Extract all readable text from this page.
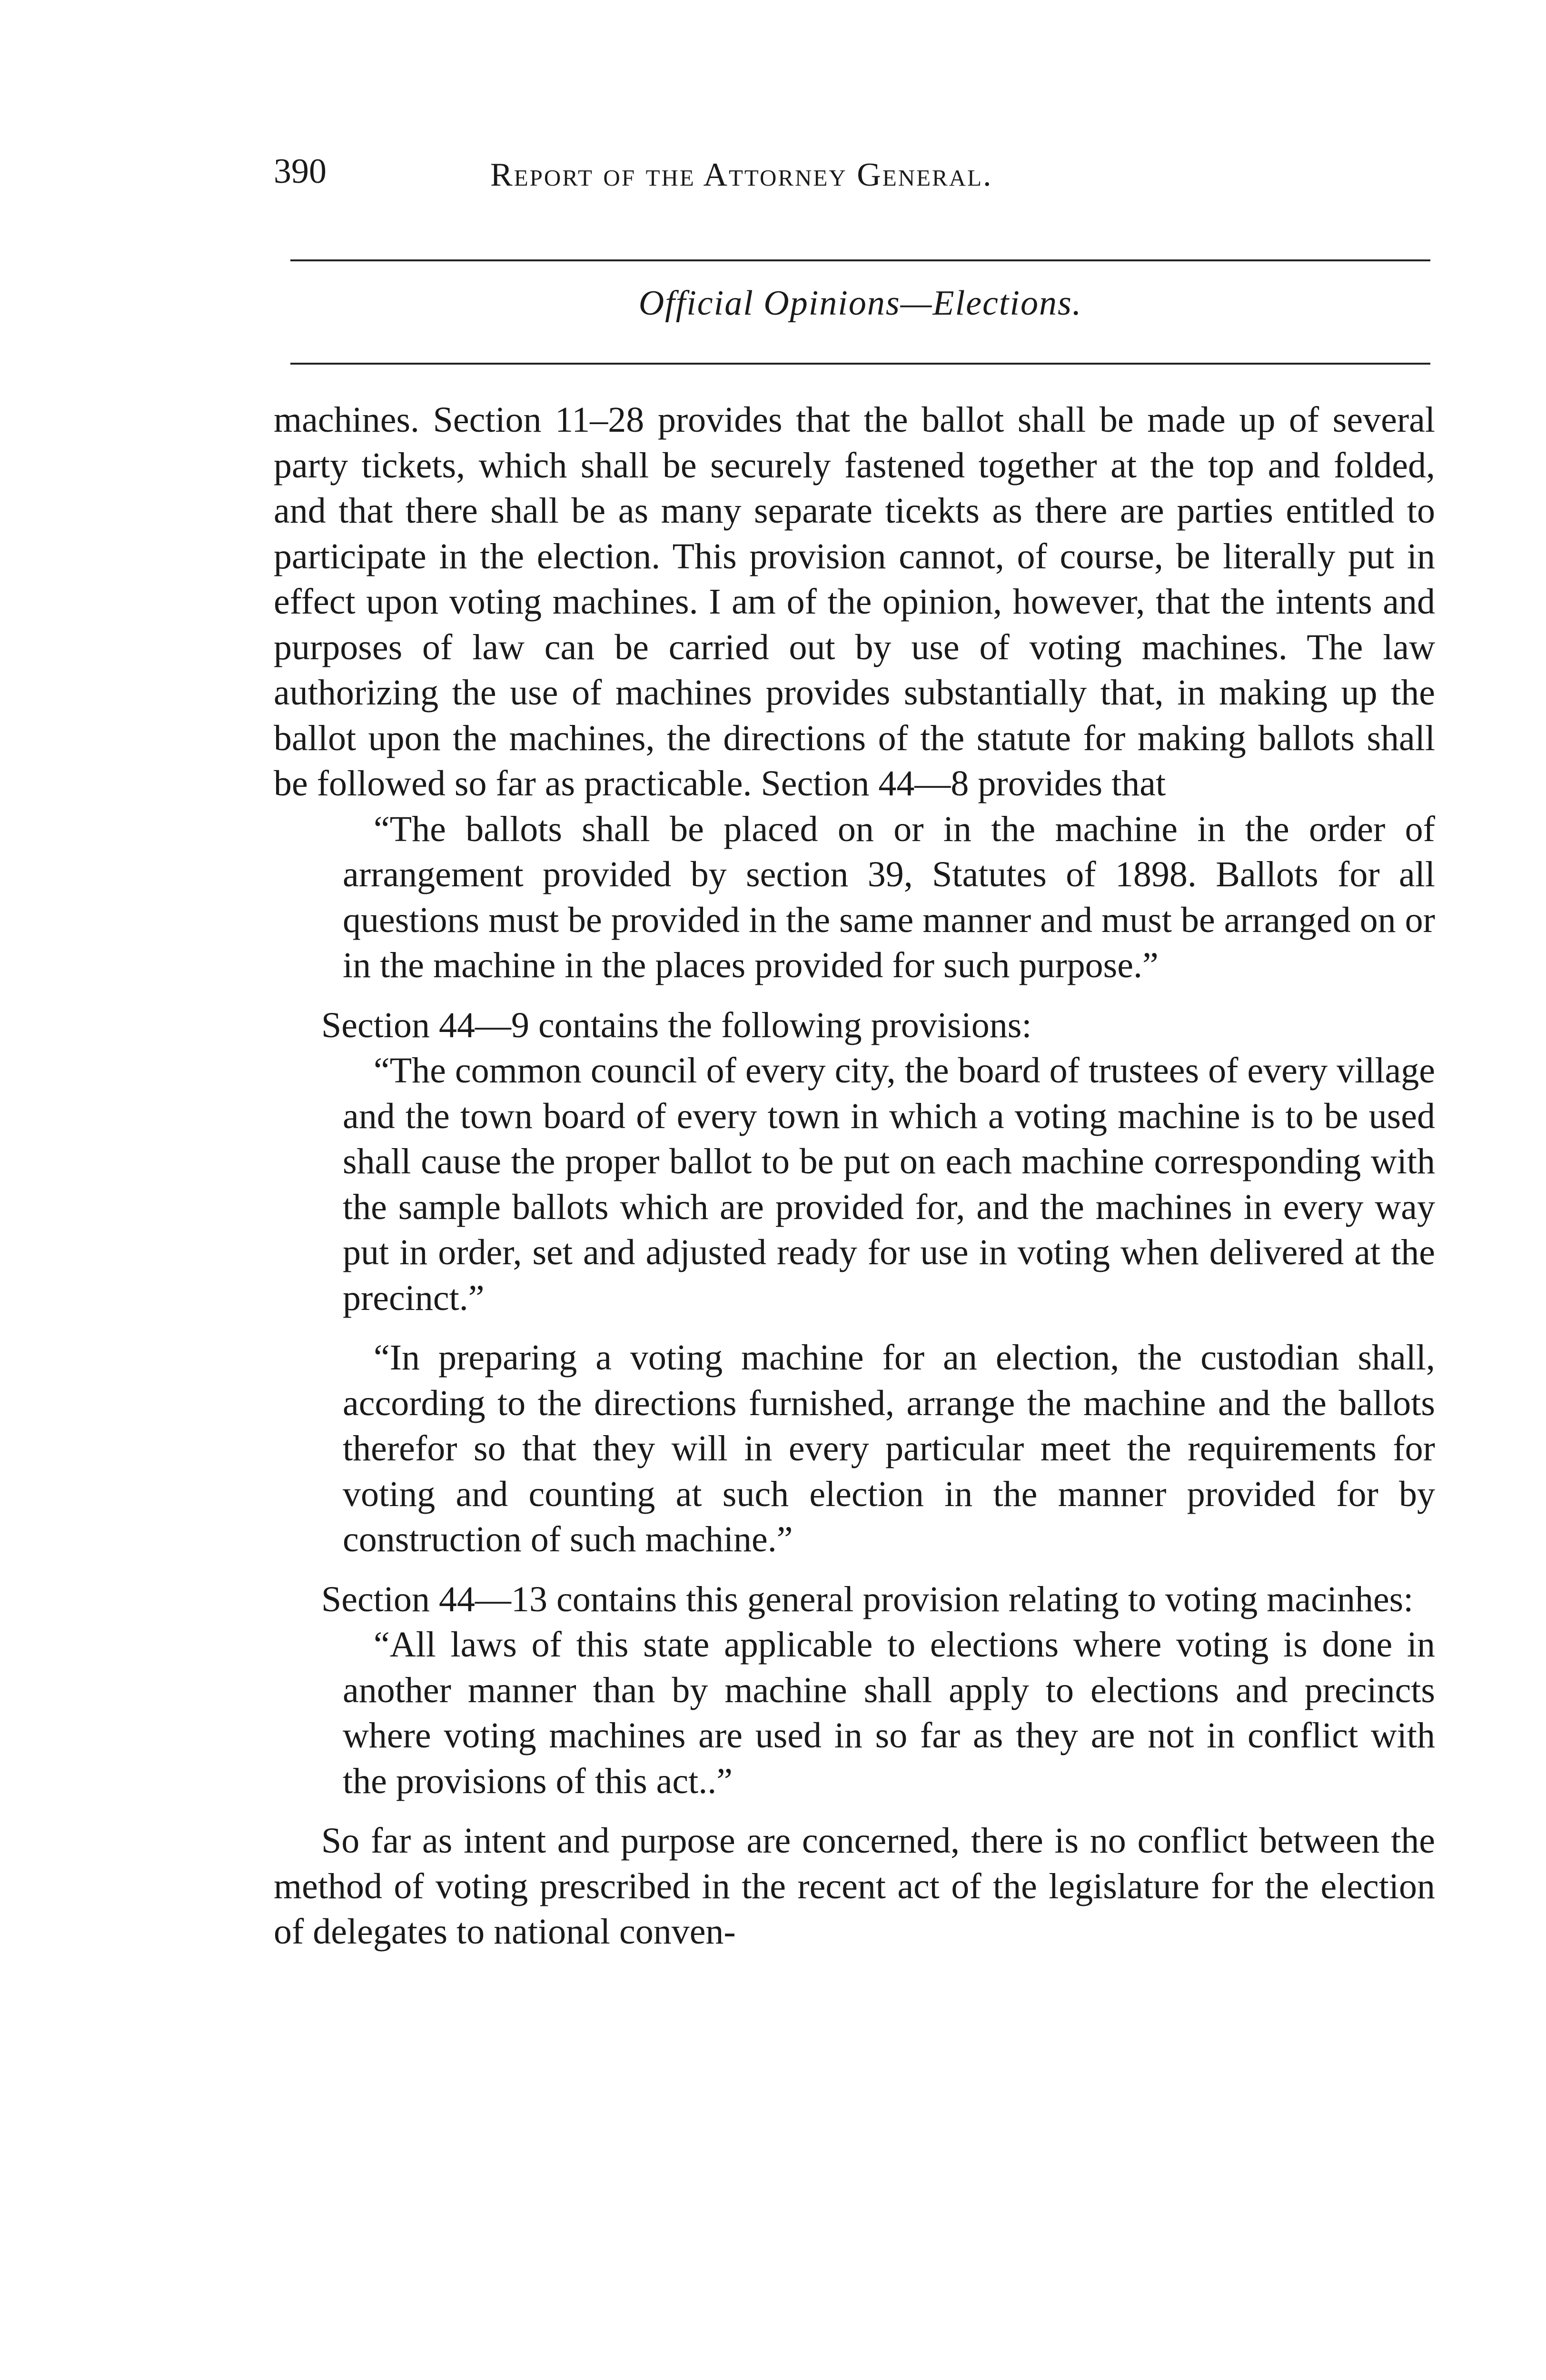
390	Report of the Attorney General.
Official Opinions—Elections.

machines. Section 11–28 provides that the ballot shall be made up of several party tickets, which shall be securely fastened together at the top and folded, and that there shall be as many separate ticekts as there are parties entitled to participate in the election. This provision cannot, of course, be literally put in effect upon voting machines. I am of the opinion, however, that the intents and purposes of law can be carried out by use of voting machines. The law authorizing the use of machines provides substantially that, in making up the ballot upon the machines, the directions of the statute for making ballots shall be followed so far as practicable. Section 44—8 provides that

“The ballots shall be placed on or in the machine in the order of arrangement provided by section 39, Statutes of 1898. Ballots for all questions must be provided in the same manner and must be arranged on or in the machine in the places provided for such purpose.”

Section 44—9 contains the following provisions:

“The common council of every city, the board of trustees of every village and the town board of every town in which a voting machine is to be used shall cause the proper ballot to be put on each machine corresponding with the sample ballots which are provided for, and the machines in every way put in order, set and adjusted ready for use in voting when delivered at the precinct.”

“In preparing a voting machine for an election, the custodian shall, according to the directions furnished, arrange the machine and the ballots therefor so that they will in every particular meet the requirements for voting and counting at such election in the manner provided for by construction of such machine.”

Section 44—13 contains this general provision relating to voting macinhes:

“All laws of this state applicable to elections where voting is done in another manner than by machine shall apply to elections and precincts where voting machines are used in so far as they are not in conflict with the provisions of this act..”

So far as intent and purpose are concerned, there is no conflict between the method of voting prescribed in the recent act of the legislature for the election of delegates to national conven-
